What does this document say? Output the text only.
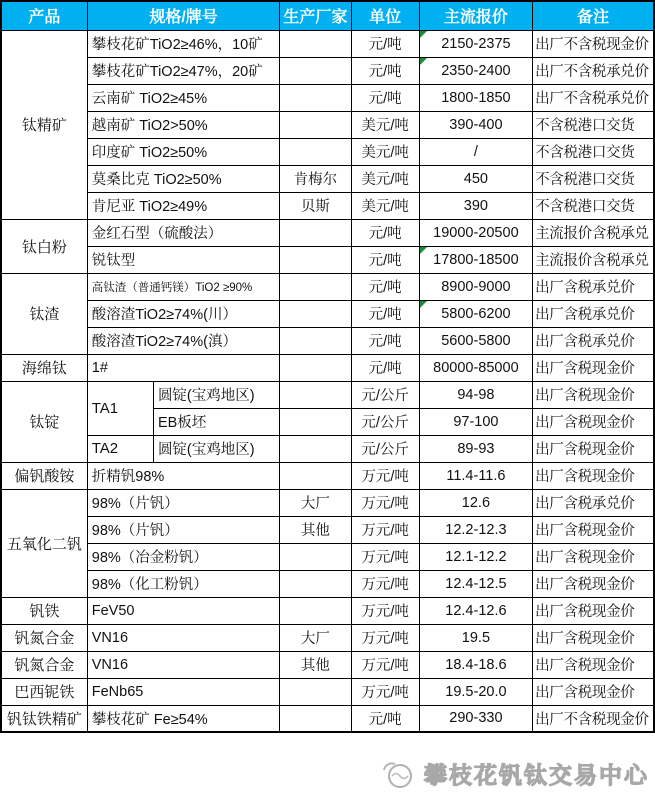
产品	规格/牌号		生产厂家	单位	主流报价	备注
钛精矿	攀枝花矿TiO2≥46%，10矿			元/吨	2150-2375	出厂不含税现金价
	攀枝花矿TiO2≥47%，20矿			元/吨	2350-2400	出厂不含税承兑价
	云南矿 TiO2≥45%			元/吨	1800-1850	出厂不含税承兑价
	越南矿 TiO2>50%			美元/吨	390-400	不含税港口交货
	印度矿 TiO2≥50%			美元/吨	/	不含税港口交货
	莫桑比克 TiO2≥50%		肯梅尔	美元/吨	450	不含税港口交货
	肯尼亚 TiO2≥49%		贝斯	美元/吨	390	不含税港口交货
钛白粉	金红石型（硫酸法）			元/吨	19000-20500	主流报价含税承兑
	锐钛型			元/吨	17800-18500	主流报价含税承兑
钛渣	高钛渣（普通钙镁）TiO2 ≥90%			元/吨	8900-9000	出厂含税承兑价
	酸溶渣TiO2≥74%(川）			元/吨	5800-6200	出厂含税承兑价
	酸溶渣TiO2≥74%(滇）			元/吨	5600-5800	出厂含税承兑价
海绵钛	1#			元/吨	80000-85000	出厂含税现金价
钛锭	TA1	圆锭(宝鸡地区)		元/公斤	94-98	出厂含税现金价
		EB板坯		元/公斤	97-100	出厂含税现金价
	TA2	圆锭(宝鸡地区)		元/公斤	89-93	出厂含税现金价
偏钒酸铵	折精钒98%			万元/吨	11.4-11.6	出厂含税现金价
五氧化二钒	98%（片钒）		大厂	万元/吨	12.6	出厂含税承兑价
	98%（片钒）		其他	万元/吨	12.2-12.3	出厂含税现金价
	98%（冶金粉钒）			万元/吨	12.1-12.2	出厂含税现金价
	98%（化工粉钒）			万元/吨	12.4-12.5	出厂含税现金价
钒铁	FeV50			万元/吨	12.4-12.6	出厂含税现金价
钒氮合金	VN16		大厂	万元/吨	19.5	出厂含税现金价
钒氮合金	VN16		其他	万元/吨	18.4-18.6	出厂含税现金价
巴西铌铁	FeNb65			万元/吨	19.5-20.0	出厂含税现金价
钒钛铁精矿	攀枝花矿 Fe≥54%			元/吨	290-330	出厂不含税现金价
攀枝花钒钛交易中心
